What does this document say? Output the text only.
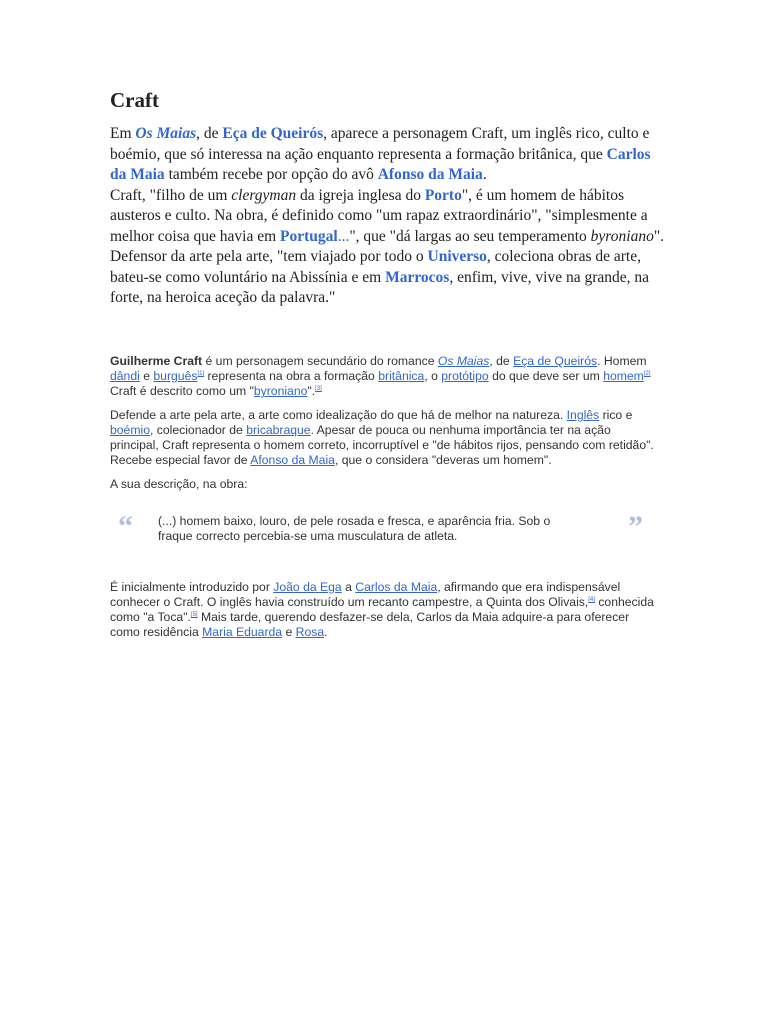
Craft

Em Os Maias, de Eça de Queirós, aparece a personagem Craft, um inglês rico, culto e boémio, que só interessa na ação enquanto representa a formação britânica, que Carlos da Maia também recebe por opção do avô Afonso da Maia.

Craft, "filho de um clergyman da igreja inglesa do Porto", é um homem de hábitos austeros e culto. Na obra, é definido como "um rapaz extraordinário", "simplesmente a melhor coisa que havia em Portugal...", que "dá largas ao seu temperamento byroniano". Defensor da arte pela arte, "tem viajado por todo o Universo, coleciona obras de arte, bateu-se como voluntário na Abissínia e em Marrocos, enfim, vive, vive na grande, na forte, na heroica aceção da palavra."

Guilherme Craft é um personagem secundário do romance Os Maias, de Eça de Queirós. Homem dândi e burguês[1] representa na obra a formação britânica, o protótipo do que deve ser um homem[2] Craft é descrito como um "byroniano".[3]

Defende a arte pela arte, a arte como idealização do que há de melhor na natureza. Inglês rico e boémio, colecionador de bricabraque. Apesar de pouca ou nenhuma importância ter na ação principal, Craft representa o homem correto, incorruptível e "de hábitos rijos, pensando com retidão". Recebe especial favor de Afonso da Maia, que o considera "deveras um homem".

A sua descrição, na obra:

“ (...) homem baixo, louro, de pele rosada e fresca, e aparência fria. Sob o fraque correcto percebia-se uma musculatura de atleta.	”

É inicialmente introduzido por João da Ega a Carlos da Maia, afirmando que era indispensável conhecer o Craft. O inglês havia construído um recanto campestre, a Quinta dos Olivais,[4] conhecida como "a Toca".[5] Mais tarde, querendo desfazer-se dela, Carlos da Maia adquire-a para oferecer como residência Maria Eduarda e Rosa.
